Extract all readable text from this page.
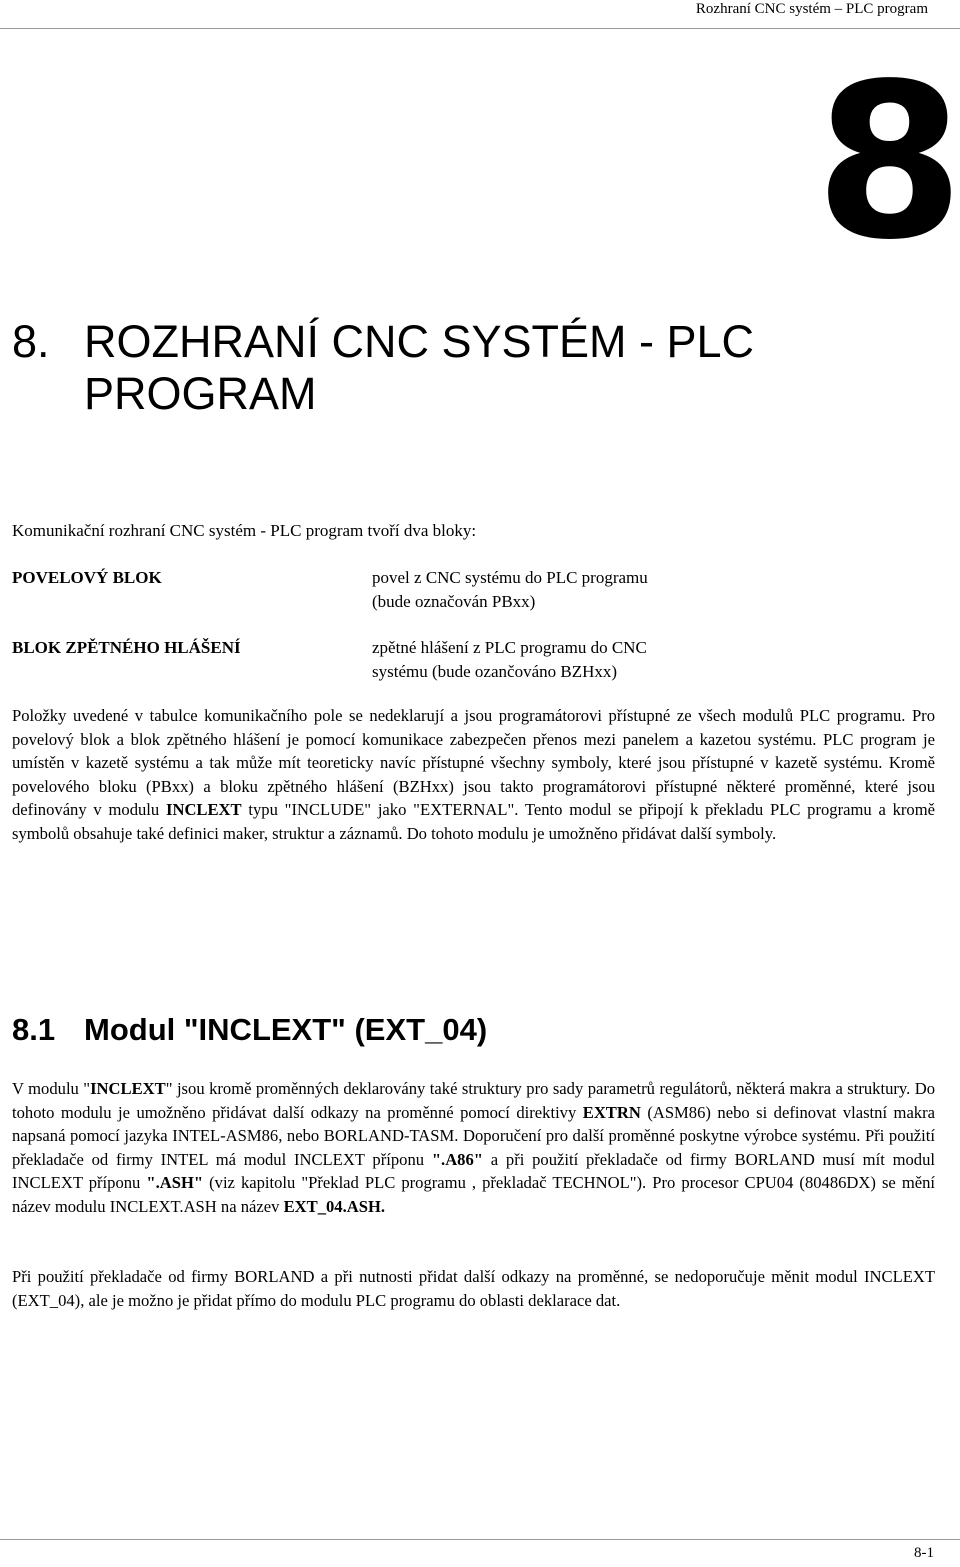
Rozhraní CNC systém – PLC program
8
8. ROZHRANÍ CNC SYSTÉM - PLC
PROGRAM
Komunikační rozhraní CNC systém - PLC program tvoří dva bloky:
POVELOVÝ BLOK	povel z CNC systému do PLC programu
(bude označován PBxx)
BLOK ZPĚTNÉHO HLÁŠENÍ	zpětné hlášení z PLC programu do CNC
systému (bude ozančováno BZHxx)
Položky uvedené v tabulce komunikačního pole se nedeklarují a jsou programátorovi přístupné ze všech modulů PLC programu. Pro povelový blok a blok zpětného hlášení je pomocí komunikace zabezpečen přenos mezi panelem a kazetou systému. PLC program je umístěn v kazetě systému a tak může mít teoreticky navíc přístupné všechny symboly, které jsou přístupné v kazetě systému. Kromě povelového bloku (PBxx) a bloku zpětného hlášení (BZHxx) jsou takto programátorovi přístupné některé proměnné, které jsou definovány v modulu INCLEXT typu "INCLUDE" jako "EXTERNAL". Tento modul se připojí k překladu PLC programu a kromě symbolů obsahuje také definici maker, struktur a záznamů. Do tohoto modulu je umožněno přidávat další symboly.
8.1 Modul "INCLEXT" (EXT_04)
V modulu "INCLEXT" jsou kromě proměnných deklarovány také struktury pro sady parametrů regulátorů, některá makra a struktury. Do tohoto modulu je umožněno přidávat další odkazy na proměnné pomocí direktivy EXTRN (ASM86) nebo si definovat vlastní makra napsaná pomocí jazyka INTEL-ASM86, nebo BORLAND-TASM. Doporučení pro další proměnné poskytne výrobce systému. Při použití překladače od firmy INTEL má modul INCLEXT příponu ".A86" a při použití překladače od firmy BORLAND musí mít modul INCLEXT příponu ".ASH" (viz kapitolu "Překlad PLC programu , překladač TECHNOL"). Pro procesor CPU04 (80486DX) se mění název modulu INCLEXT.ASH na název EXT_04.ASH.
Při použití překladače od firmy BORLAND a při nutnosti přidat další odkazy na proměnné, se nedoporučuje měnit modul INCLEXT (EXT_04), ale je možno je přidat přímo do modulu PLC programu do oblasti deklarace dat.
8-1
